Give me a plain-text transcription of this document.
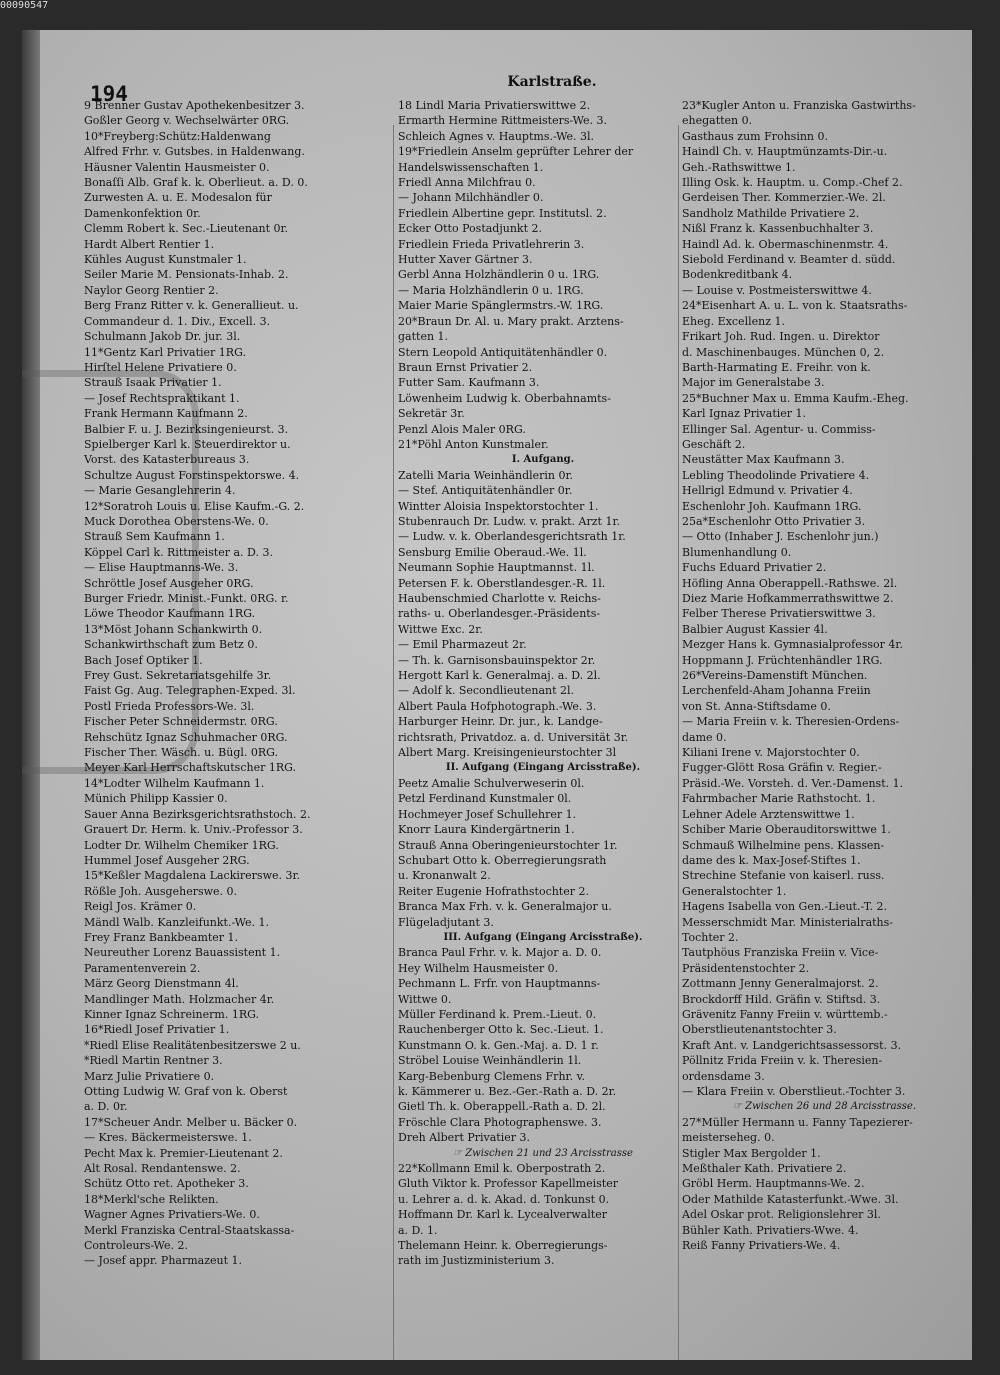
194	Karlstraße.
9 Brenner Gustav Apothekenbesitzer 3.
Goßler Georg v. Wechselwärter 0RG.
10*Freyberg:Schütz:Haldenwang
Alfred Frhr. v. Gutsbes. in Haldenwang.
Häusner Valentin Hausmeister 0.
Bonaſſi Alb. Graf k. k. Oberlieut. a. D. 0.
Zurwesten A. u. E. Modesalon für
Damenkonfektion 0r.
Clemm Robert k. Sec.-Lieutenant 0r.
Hardt Albert Rentier 1.
Kühles August Kunstmaler 1.
Seiler Marie M. Pensionats-Inhab. 2.
Naylor Georg Rentier 2.
Berg Franz Ritter v. k. Generallieut. u.
Commandeur d. 1. Div., Excell. 3.
Schulmann Jakob Dr. jur. 3l.
11*Gentz Karl Privatier 1RG.
Hirſtel Helene Privatiere 0.
Strauß Isaak Privatier 1.
— Josef Rechtspraktikant 1.
Frank Hermann Kaufmann 2.
Balbier F. u. J. Bezirksingenieurst. 3.
Spielberger Karl k. Steuerdirektor u.
Vorst. des Katasterbureaus 3.
Schultze August Forstinspektorswe. 4.
— Marie Gesanglehrerin 4.
12*Soratroh Louis u. Elise Kaufm.-G. 2.
Muck Dorothea Oberstens-We. 0.
Strauß Sem Kaufmann 1.
Köppel Carl k. Rittmeister a. D. 3.
— Elise Hauptmanns-We. 3.
Schröttle Josef Ausgeher 0RG.
Burger Friedr. Minist.-Funkt. 0RG. r.
Löwe Theodor Kaufmann 1RG.
13*Möst Johann Schankwirth 0.
Schankwirthschaft zum Betz 0.
Bach Josef Optiker 1.
Frey Gust. Sekretariatsgehilfe 3r.
Faist Gg. Aug. Telegraphen-Exped. 3l.
Postl Frieda Professors-We. 3l.
Fischer Peter Schneidermstr. 0RG.
Rehschütz Ignaz Schuhmacher 0RG.
Fischer Ther. Wäsch. u. Bügl. 0RG.
Meyer Karl Herrschaftskutscher 1RG.
14*Lodter Wilhelm Kaufmann 1.
Münich Philipp Kassier 0.
Sauer Anna Bezirksgerichtsrathstoch. 2.
Grauert Dr. Herm. k. Univ.-Professor 3.
Lodter Dr. Wilhelm Chemiker 1RG.
Hummel Josef Ausgeher 2RG.
15*Keßler Magdalena Lackirerswe. 3r.
Rößle Joh. Ausgeherswe. 0.
Reigl Jos. Krämer 0.
Mändl Walb. Kanzleifunkt.-We. 1.
Frey Franz Bankbeamter 1.
Neureuther Lorenz Bauassistent 1.
Paramentenverein 2.
März Georg Dienstmann 4l.
Mandlinger Math. Holzmacher 4r.
Kinner Ignaz Schreinerm. 1RG.
16*Riedl Josef Privatier 1.
*Riedl Elise Realitätenbesitzerswe 2 u.
*Riedl Martin Rentner 3.
Marz Julie Privatiere 0.
Otting Ludwig W. Graf von k. Oberst
a. D. 0r.
17*Scheuer Andr. Melber u. Bäcker 0.
— Kres. Bäckermeisterswe. 1.
Pecht Max k. Premier-Lieutenant 2.
Alt Rosal. Rendantenswe. 2.
Schütz Otto ret. Apotheker 3.
18*Merkl'sche Relikten.
Wagner Agnes Privatiers-We. 0.
Merkl Franziska Central-Staatskassa-
Controleurs-We. 2.
— Josef appr. Pharmazeut 1.
18 Lindl Maria Privatierswittwe 2.
Ermarth Hermine Rittmeisters-We. 3.
Schleich Agnes v. Hauptms.-We. 3l.
19*Friedlein Anselm geprüfter Lehrer der
Handelswissenschaften 1.
Friedl Anna Milchfrau 0.
— Johann Milchhändler 0.
Friedlein Albertine gepr. Institutsl. 2.
Ecker Otto Postadjunkt 2.
Friedlein Frieda Privatlehrerin 3.
Hutter Xaver Gärtner 3.
Gerbl Anna Holzhändlerin 0 u. 1RG.
— Maria Holzhändlerin 0 u. 1RG.
Maier Marie Spänglermstrs.-W. 1RG.
20*Braun Dr. Al. u. Mary prakt. Arztens-
gatten 1.
Stern Leopold Antiquitätenhändler 0.
Braun Ernst Privatier 2.
Futter Sam. Kaufmann 3.
Löwenheim Ludwig k. Oberbahnamts-
Sekretär 3r.
Penzl Alois Maler 0RG.
21*Pöhl Anton Kunstmaler.
I. Aufgang.
Zatelli Maria Weinhändlerin 0r.
— Stef. Antiquitätenhändler 0r.
Wintter Aloisia Inspektorstochter 1.
Stubenrauch Dr. Ludw. v. prakt. Arzt 1r.
— Ludw. v. k. Oberlandesgerichtsrath 1r.
Sensburg Emilie Oberaud.-We. 1l.
Neumann Sophie Hauptmannst. 1l.
Petersen F. k. Oberstlandesger.-R. 1l.
Haubenschmied Charlotte v. Reichs-
raths- u. Oberlandesger.-Präsidents-
Wittwe Exc. 2r.
— Emil Pharmazeut 2r.
— Th. k. Garnisonsbauinspektor 2r.
Hergott Karl k. Generalmaj. a. D. 2l.
— Adolf k. Secondlieutenant 2l.
Albert Paula Hofphotograph.-We. 3.
Harburger Heinr. Dr. jur., k. Landge-
richtsrath, Privatdoz. a. d. Universität 3r.
Albert Marg. Kreisingenieurstochter 3l
II. Aufgang (Eingang Arcisstraße).
Peetz Amalie Schulverweserin 0l.
Petzl Ferdinand Kunstmaler 0l.
Hochmeyer Josef Schullehrer 1.
Knorr Laura Kindergärtnerin 1.
Strauß Anna Oberingenieurstochter 1r.
Schubart Otto k. Oberregierungsrath
u. Kronanwalt 2.
Reiter Eugenie Hofrathstochter 2.
Branca Max Frh. v. k. Generalmajor u.
Flügeladjutant 3.
III. Aufgang (Eingang Arcisstraße).
Branca Paul Frhr. v. k. Major a. D. 0.
Hey Wilhelm Hausmeister 0.
Pechmann L. Frfr. von Hauptmanns-
Wittwe 0.
Müller Ferdinand k. Prem.-Lieut. 0.
Rauchenberger Otto k. Sec.-Lieut. 1.
Kunstmann O. k. Gen.-Maj. a. D. 1 r.
Ströbel Louise Weinhändlerin 1l.
Karg-Bebenburg Clemens Frhr. v.
k. Kämmerer u. Bez.-Ger.-Rath a. D. 2r.
Gietl Th. k. Oberappell.-Rath a. D. 2l.
Fröschle Clara Photographenswe. 3.
Dreh Albert Privatier 3.
☞ Zwischen 21 und 23 Arcisstrasse
22*Kollmann Emil k. Oberpostrath 2.
Gluth Viktor k. Professor Kapellmeister
u. Lehrer a. d. k. Akad. d. Tonkunst 0.
Hoffmann Dr. Karl k. Lycealverwalter
a. D. 1.
Thelemann Heinr. k. Oberregierungs-
rath im Justizministerium 3.
23*Kugler Anton u. Franziska Gastwirths-
ehegatten 0.
Gasthaus zum Frohsinn 0.
Haindl Ch. v. Hauptmünzamts-Dir.-u.
Geh.-Rathswittwe 1.
Illing Osk. k. Hauptm. u. Comp.-Chef 2.
Gerdeisen Ther. Kommerzier.-We. 2l.
Sandholz Mathilde Privatiere 2.
Nißl Franz k. Kassenbuchhalter 3.
Haindl Ad. k. Obermaschinenmstr. 4.
Siebold Ferdinand v. Beamter d. südd.
Bodenkreditbank 4.
— Louise v. Postmeisterswittwe 4.
24*Eisenhart A. u. L. von k. Staatsraths-
Eheg. Excellenz 1.
Frikart Joh. Rud. Ingen. u. Direktor
d. Maschinenbauges. München 0, 2.
Barth-Harmating E. Freihr. von k.
Major im Generalstabe 3.
25*Buchner Max u. Emma Kaufm.-Eheg.
Karl Ignaz Privatier 1.
Ellinger Sal. Agentur- u. Commiss-
Geschäft 2.
Neustätter Max Kaufmann 3.
Lebling Theodolinde Privatiere 4.
Hellrigl Edmund v. Privatier 4.
Eschenlohr Joh. Kaufmann 1RG.
25a*Eschenlohr Otto Privatier 3.
— Otto (Inhaber J. Eschenlohr jun.)
Blumenhandlung 0.
Fuchs Eduard Privatier 2.
Höfling Anna Oberappell.-Rathswe. 2l.
Diez Marie Hofkammerrathswittwe 2.
Felber Therese Privatierswittwe 3.
Balbier August Kassier 4l.
Mezger Hans k. Gymnasialprofessor 4r.
Hoppmann J. Früchtenhändler 1RG.
26*Vereins-Damenstift München.
Lerchenfeld-Aham Johanna Freiin
von St. Anna-Stiftsdame 0.
— Maria Freiin v. k. Theresien-Ordens-
dame 0.
Kiliani Irene v. Majorstochter 0.
Fugger-Glött Rosa Gräfin v. Regier.-
Präsid.-We. Vorsteh. d. Ver.-Damenst. 1.
Fahrmbacher Marie Rathstocht. 1.
Lehner Adele Arztenswittwe 1.
Schiber Marie Oberauditorswittwe 1.
Schmauß Wilhelmine pens. Klassen-
dame des k. Max-Josef-Stiftes 1.
Strechine Stefanie von kaiserl. russ.
Generalstochter 1.
Hagens Isabella von Gen.-Lieut.-T. 2.
Messerschmidt Mar. Ministerialraths-
Tochter 2.
Tautphöus Franziska Freiin v. Vice-
Präsidentenstochter 2.
Zottmann Jenny Generalmajorst. 2.
Brockdorff Hild. Gräfin v. Stiftsd. 3.
Grävenitz Fanny Freiin v. württemb.-
Oberstlieutenantstochter 3.
Kraft Ant. v. Landgerichtsassessorst. 3.
Pöllnitz Frida Freiin v. k. Theresien-
ordensdame 3.
— Klara Freiin v. Oberstlieut.-Tochter 3.
☞ Zwischen 26 und 28 Arcisstrasse.
27*Müller Hermann u. Fanny Tapezierer-
meisterseheg. 0.
Stigler Max Bergolder 1.
Meßthaler Kath. Privatiere 2.
Gröbl Herm. Hauptmanns-We. 2.
Oder Mathilde Katasterfunkt.-Wwe. 3l.
Adel Oskar prot. Religionslehrer 3l.
Bühler Kath. Privatiers-Wwe. 4.
Reiß Fanny Privatiers-We. 4.
00090547
